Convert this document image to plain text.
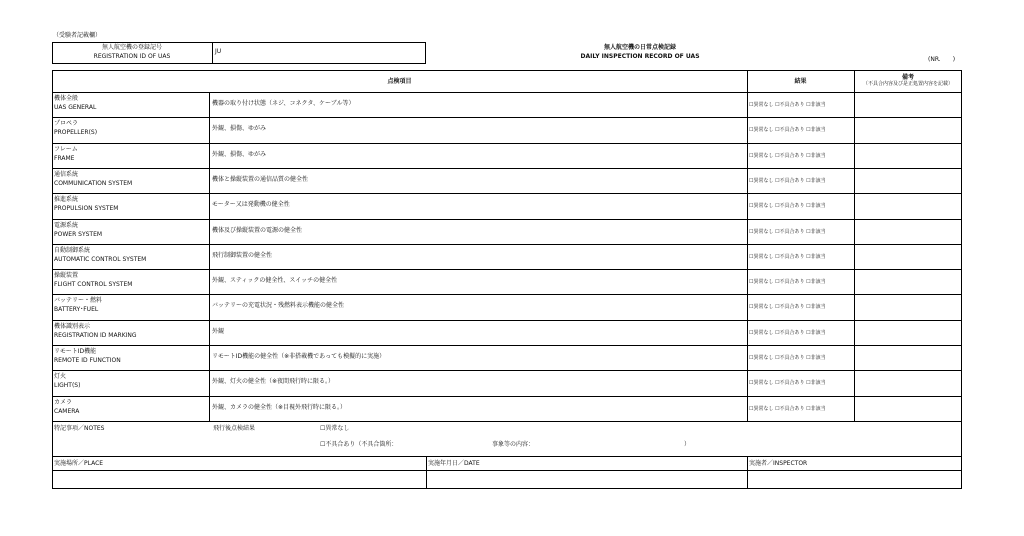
（受験者記載欄）
無人航空機の登録記号
REGISTRATION ID OF UAS
JU
無人航空機の日常点検記録
DAILY INSPECTION RECORD OF UAS	(NR.　　)
点検項目	結果
備考
（不具合内容及び是正処置内容を記載）
機体全般
UAS GENERAL
機器の取り付け状態（ネジ、コネクタ、ケーブル等）	☐異常なし ☐不具合あり ☐非該当
プロペラ
PROPELLER(S)
外観、損傷、ゆがみ	☐異常なし ☐不具合あり ☐非該当
フレーム
FRAME
外観、損傷、ゆがみ	☐異常なし ☐不具合あり ☐非該当
通信系統
COMMUNICATION SYSTEM
機体と操縦装置の通信品質の健全性	☐異常なし ☐不具合あり ☐非該当
推進系統
PROPULSION SYSTEM
モーター又は発動機の健全性	☐異常なし ☐不具合あり ☐非該当
電源系統
POWER SYSTEM
機体及び操縦装置の電源の健全性	☐異常なし ☐不具合あり ☐非該当
自動制御系統
AUTOMATIC CONTROL SYSTEM
飛行制御装置の健全性	☐異常なし ☐不具合あり ☐非該当
操縦装置
FLIGHT CONTROL SYSTEM
外観、スティックの健全性、スイッチの健全性	☐異常なし ☐不具合あり ☐非該当
バッテリー・燃料
BATTERY･FUEL
バッテリーの充電状況・残燃料表示機能の健全性	☐異常なし ☐不具合あり ☐非該当
機体識別表示
REGISTRATION ID MARKING
外観	☐異常なし ☐不具合あり ☐非該当
リモートID機能
REMOTE ID FUNCTION
リモートID機能の健全性（※非搭載機であっても模擬的に実施）	☐異常なし ☐不具合あり ☐非該当
灯火
LIGHT(S)
外観、灯火の健全性（※夜間飛行時に限る。）	☐異常なし ☐不具合あり ☐非該当
カメラ
CAMERA
外観、カメラの健全性（※目視外飛行時に限る。）	☐異常なし ☐不具合あり ☐非該当
特記事項／NOTES	飛行後点検結果	☐異常なし
☐不具合あり（不具合箇所：	事象等の内容：	）
実施場所／PLACE	実施年月日／DATE	実施者／INSPECTOR
